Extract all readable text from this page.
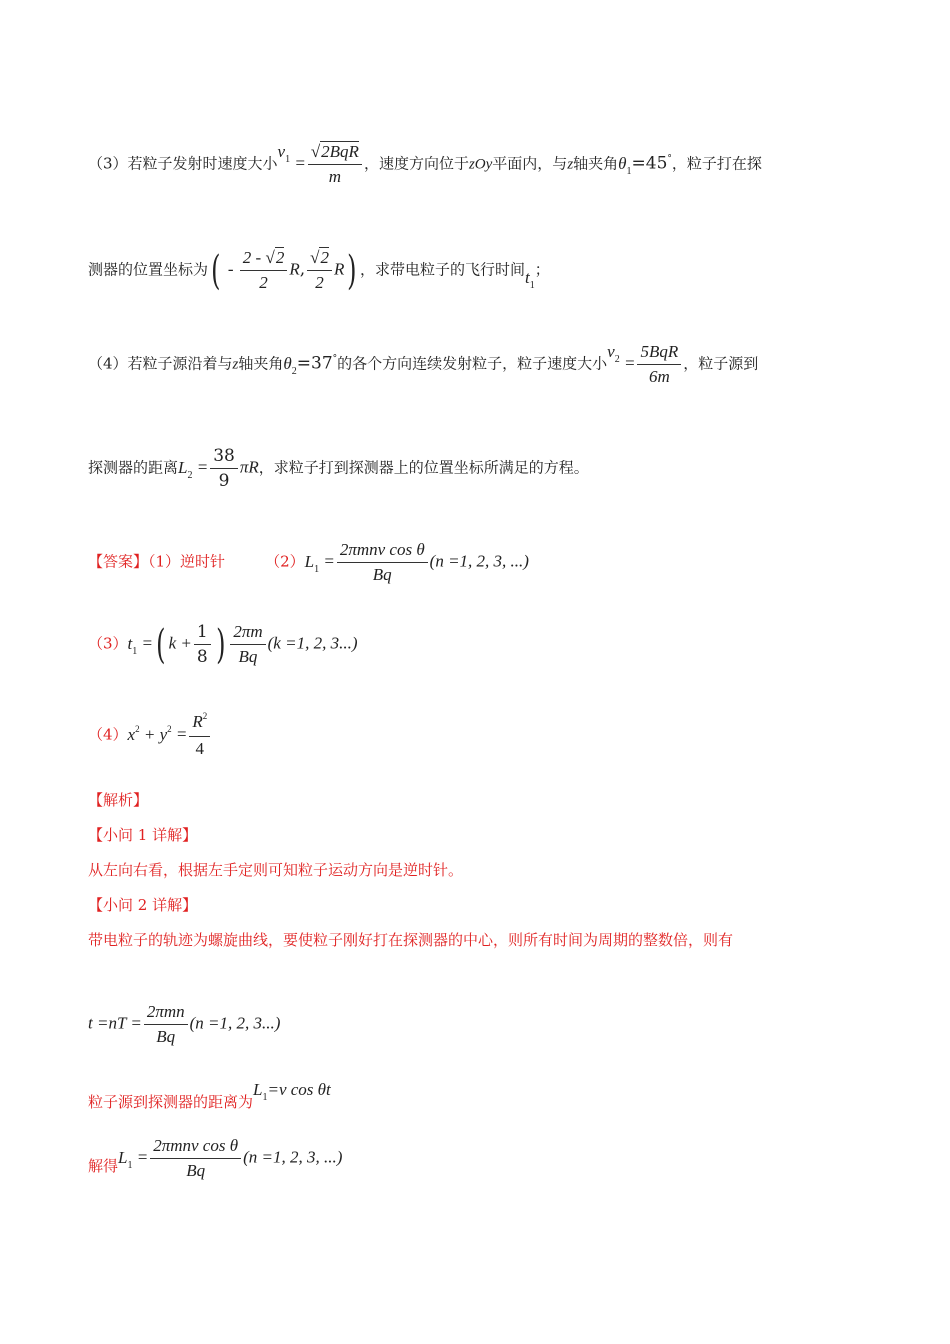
（3）若粒子发射时速度大小$v_1 = \frac{\text{√2BqR}}{m}$ ，速度方向位于zOy平面内，与z轴夹角$\theta_1=45^\circ$，粒子打在探
测器的位置坐标为( - $\frac{2 - √2}{2} R$, $\frac{√2}{2} R$) ，求带电粒子的飞行时间$t_1$；
（4）若粒子源沿着与z轴夹角$\theta_2=37^\circ$的各个方向连续发射粒子，粒子速度大小$v_2 = \frac{\text{5BqR}}{6m}$ ，粒子源到
探测器的距离$L_2 = \frac{38}{9}$ πR，求粒子打到探测器上的位置坐标所满足的方程。
【答案】（1）逆时针	$(2)L_1 = \frac{\text{2πmnv cos θ}}{Bq} (n =1$, 2, 3, ...)
$(3)t_1$ =( $k + \frac{1}{8}$ ) $\frac{2\pi m}{Bq} (k =1$, 2, 3...)
$(4)x^2 + y^2 = \frac{R^2}{4}$
【解析】
【小问 1 详解】
从左向右看，根据左手定则可知粒子运动方向是逆时针。
【小问 2 详解】
带电粒子的轨迹为螺旋曲线，要使粒子刚好打在探测器的中心，则所有时间为周期的整数倍，则有
$t =nT = \frac{\text{2πmn}}{Bq} (n =1$, 2, 3...)
粒子源到探测器的距离为$L_1=v$ cos θt
解得$L_1 = \frac{\text{2πmnv cos θ}}{Bq} (n =1$, 2, 3, ...)
